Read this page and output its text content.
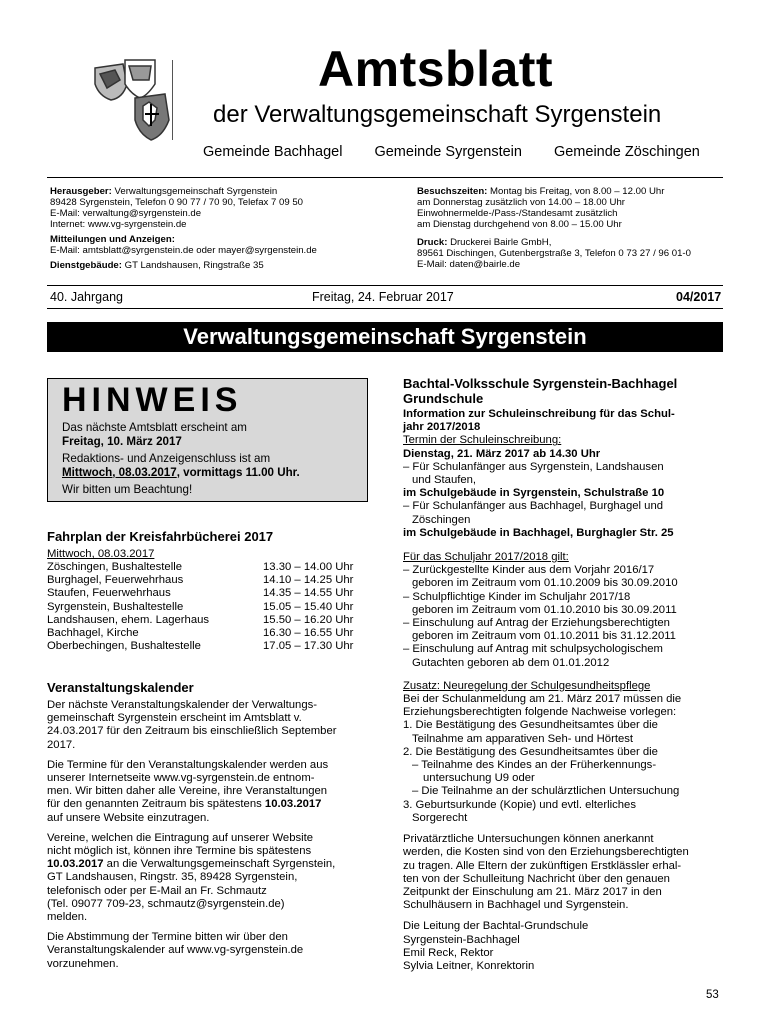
Amtsblatt
der Verwaltungsgemeinschaft Syrgenstein
Gemeinde Bachhagel Gemeinde Syrgenstein Gemeinde Zöschingen
Herausgeber: Verwaltungsgemeinschaft Syrgenstein
89428 Syrgenstein, Telefon 0 90 77 / 70 90, Telefax 7 09 50
E-Mail: verwaltung@syrgenstein.de
Internet: www.vg-syrgenstein.de
Mitteilungen und Anzeigen:
E-Mail: amtsblatt@syrgenstein.de oder mayer@syrgenstein.de
Dienstgebäude: GT Landshausen, Ringstraße 35
Besuchszeiten: Montag bis Freitag, von 8.00 – 12.00 Uhr
am Donnerstag zusätzlich von 14.00 – 18.00 Uhr
Einwohnermelde-/Pass-/Standesamt zusätzlich
am Dienstag durchgehend von 8.00 – 15.00 Uhr
Druck: Druckerei Bairle GmbH,
89561 Dischingen, Gutenbergstraße 3, Telefon 0 73 27 / 96 01-0
E-Mail: daten@bairle.de
40. Jahrgang	Freitag, 24. Februar 2017	04/2017
Verwaltungsgemeinschaft Syrgenstein
HINWEIS
Das nächste Amtsblatt erscheint am
Freitag, 10. März 2017
Redaktions- und Anzeigenschluss ist am
Mittwoch, 08.03.2017, vormittags 11.00 Uhr.
Wir bitten um Beachtung!
Fahrplan der Kreisfahrbücherei 2017
Mittwoch, 08.03.2017
Zöschingen, Bushaltestelle	13.30 – 14.00 Uhr
Burghagel, Feuerwehrhaus	14.10 – 14.25 Uhr
Staufen, Feuerwehrhaus	14.35 – 14.55 Uhr
Syrgenstein, Bushaltestelle	15.05 – 15.40 Uhr
Landshausen, ehem. Lagerhaus	15.50 – 16.20 Uhr
Bachhagel, Kirche	16.30 – 16.55 Uhr
Oberbechingen, Bushaltestelle	17.05 – 17.30 Uhr
Veranstaltungskalender

Der nächste Veranstaltungskalender der Verwaltungs-
gemeinschaft Syrgenstein erscheint im Amtsblatt v.
24.03.2017 für den Zeitraum bis einschließlich September
2017.

Die Termine für den Veranstaltungskalender werden aus
unserer Internetseite www.vg-syrgenstein.de entnom-
men. Wir bitten daher alle Vereine, ihre Veranstaltungen
für den genannten Zeitraum bis spätestens 10.03.2017
auf unsere Website einzutragen.

Vereine, welchen die Eintragung auf unserer Website
nicht möglich ist, können ihre Termine bis spätestens
10.03.2017 an die Verwaltungsgemeinschaft Syrgenstein,
GT Landshausen, Ringstr. 35, 89428 Syrgenstein,
telefonisch oder per E-Mail an Fr. Schmautz
(Tel. 09077 709-23, schmautz@syrgenstein.de)
melden.

Die Abstimmung der Termine bitten wir über den
Veranstaltungskalender auf www.vg-syrgenstein.de
vorzunehmen.

Bachtal-Volksschule Syrgenstein-Bachhagel
Grundschule
Information zur Schuleinschreibung für das Schul-
jahr 2017/2018
Termin der Schuleinschreibung:
Dienstag, 21. März 2017 ab 14.30 Uhr
– Für Schulanfänger aus Syrgenstein, Landshausen
und Staufen,
im Schulgebäude in Syrgenstein, Schulstraße 10
– Für Schulanfänger aus Bachhagel, Burghagel und
Zöschingen
im Schulgebäude in Bachhagel, Burghagler Str. 25
Für das Schuljahr 2017/2018 gilt:
– Zurückgestellte Kinder aus dem Vorjahr 2016/17
geboren im Zeitraum vom 01.10.2009 bis 30.09.2010
– Schulpflichtige Kinder im Schuljahr 2017/18
geboren im Zeitraum vom 01.10.2010 bis 30.09.2011
– Einschulung auf Antrag der Erziehungsberechtigten
geboren im Zeitraum vom 01.10.2011 bis 31.12.2011
– Einschulung auf Antrag mit schulpsychologischem
Gutachten geboren ab dem 01.01.2012
Zusatz: Neuregelung der Schulgesundheitspflege
Bei der Schulanmeldung am 21. März 2017 müssen die
Erziehungsberechtigten folgende Nachweise vorlegen:
1. Die Bestätigung des Gesundheitsamtes über die
Teilnahme am apparativen Seh- und Hörtest
2. Die Bestätigung des Gesundheitsamtes über die
– Teilnahme des Kindes an der Früherkennungs-
untersuchung U9 oder
– Die Teilnahme an der schulärztlichen Untersuchung
3. Geburtsurkunde (Kopie) und evtl. elterliches
Sorgerecht
Privatärztliche Untersuchungen können anerkannt
werden, die Kosten sind von den Erziehungsberechtigten
zu tragen. Alle Eltern der zukünftigen Erstklässler erhal-
ten von der Schulleitung Nachricht über den genauen
Zeitpunkt der Einschulung am 21. März 2017 in den
Schulhäusern in Bachhagel und Syrgenstein.
Die Leitung der Bachtal-Grundschule
Syrgenstein-Bachhagel
Emil Reck, Rektor
Sylvia Leitner, Konrektorin
53
